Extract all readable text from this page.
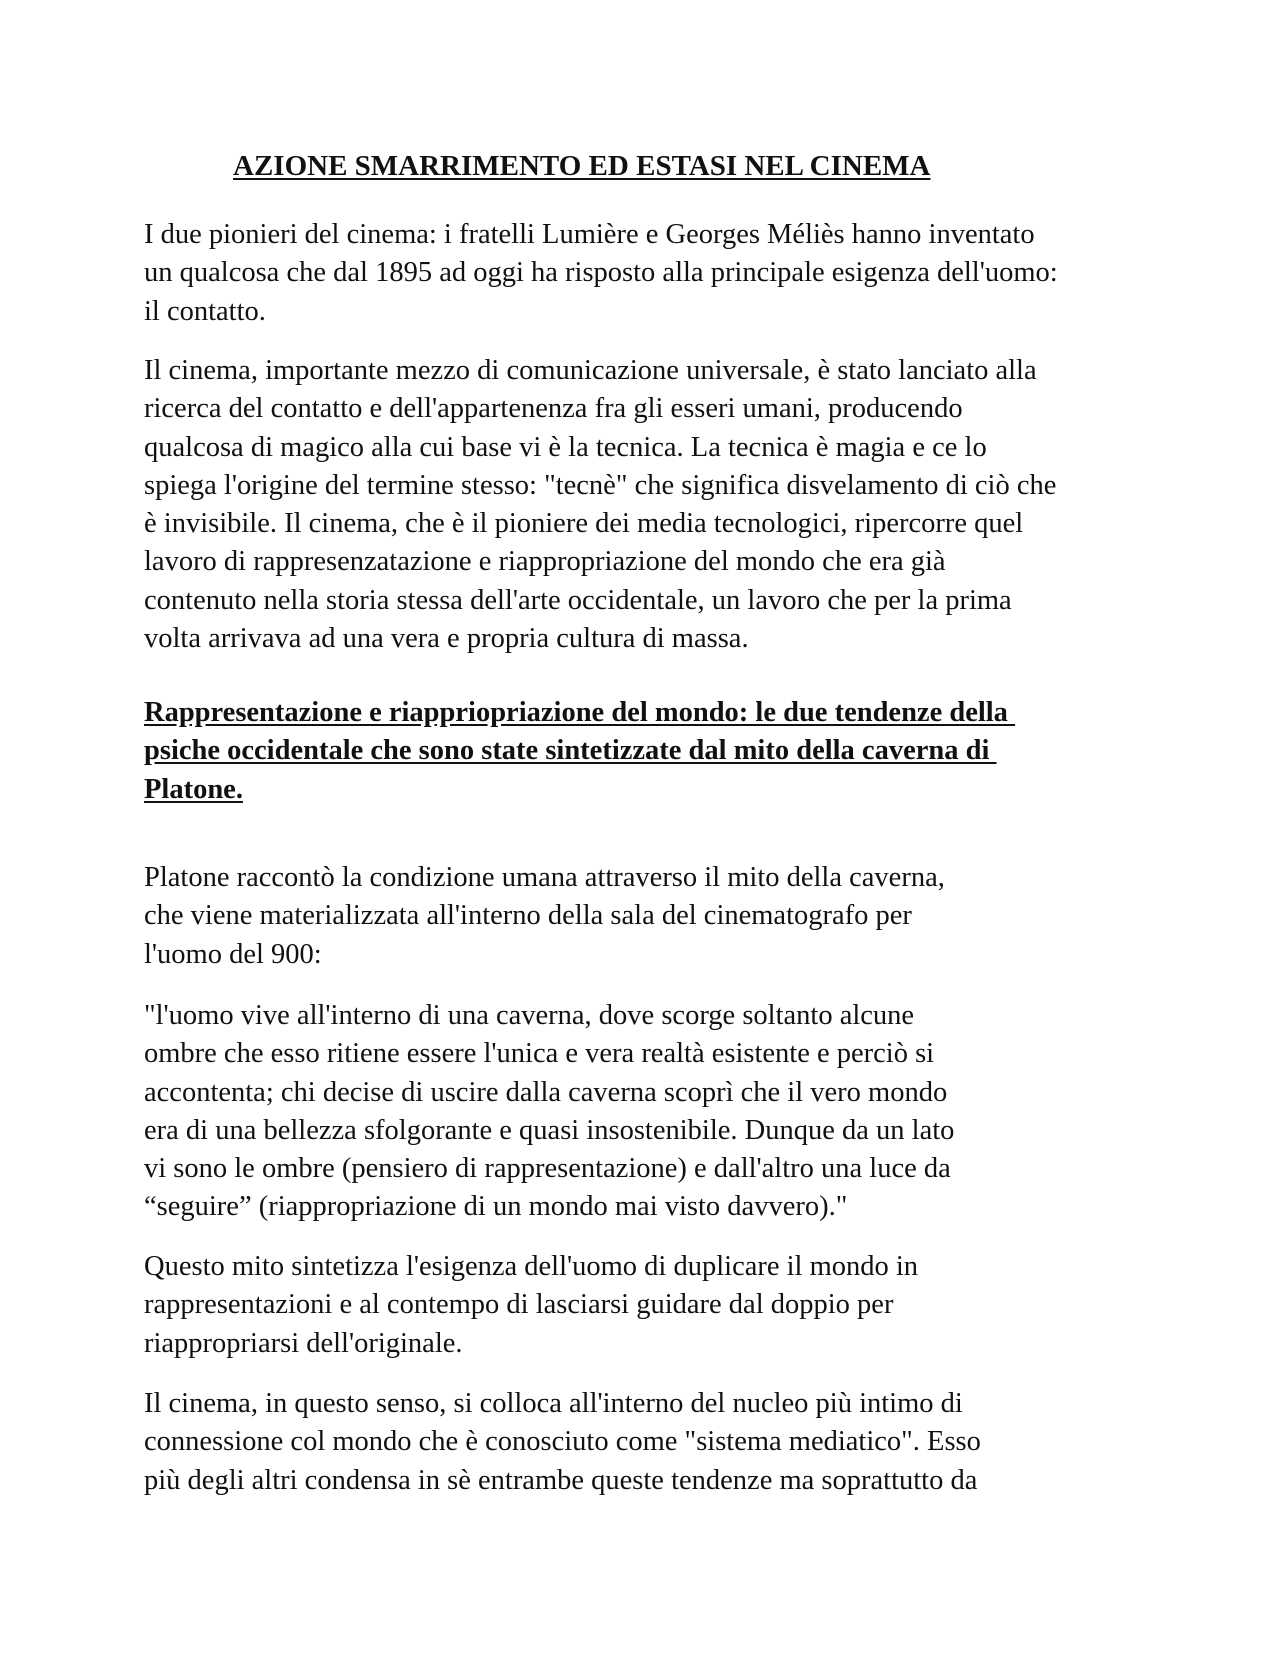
AZIONE SMARRIMENTO ED ESTASI NEL CINEMA

I due pionieri del cinema: i fratelli Lumière e Georges Méliès hanno inventato
un qualcosa che dal 1895 ad oggi ha risposto alla principale esigenza dell'uomo:
il contatto.

Il cinema, importante mezzo di comunicazione universale, è stato lanciato alla
ricerca del contatto e dell'appartenenza fra gli esseri umani, producendo
qualcosa di magico alla cui base vi è la tecnica. La tecnica è magia e ce lo
spiega l'origine del termine stesso: "tecnè" che significa disvelamento di ciò che
è invisibile. Il cinema, che è il pioniere dei media tecnologici, ripercorre quel
lavoro di rappresenzatazione e riappropriazione del mondo che era già
contenuto nella storia stessa dell'arte occidentale, un lavoro che per la prima
volta arrivava ad una vera e propria cultura di massa.

Rappresentazione e riappriopriazione del mondo: le due tendenze della
psiche occidentale che sono state sintetizzate dal mito della caverna di
Platone.

Platone raccontò la condizione umana attraverso il mito della caverna,
che viene materializzata all'interno della sala del cinematografo per
l'uomo del 900:

"l'uomo vive all'interno di una caverna, dove scorge soltanto alcune
ombre che esso ritiene essere l'unica e vera realtà esistente e perciò si
accontenta; chi decise di uscire dalla caverna scoprì che il vero mondo
era di una bellezza sfolgorante e quasi insostenibile. Dunque da un lato
vi sono le ombre (pensiero di rappresentazione) e dall'altro una luce da
“seguire” (riappropriazione di un mondo mai visto davvero)."

Questo mito sintetizza l'esigenza dell'uomo di duplicare il mondo in
rappresentazioni e al contempo di lasciarsi guidare dal doppio per
riappropriarsi dell'originale.

Il cinema, in questo senso, si colloca all'interno del nucleo più intimo di
connessione col mondo che è conosciuto come "sistema mediatico". Esso
più degli altri condensa in sè entrambe queste tendenze ma soprattutto da
